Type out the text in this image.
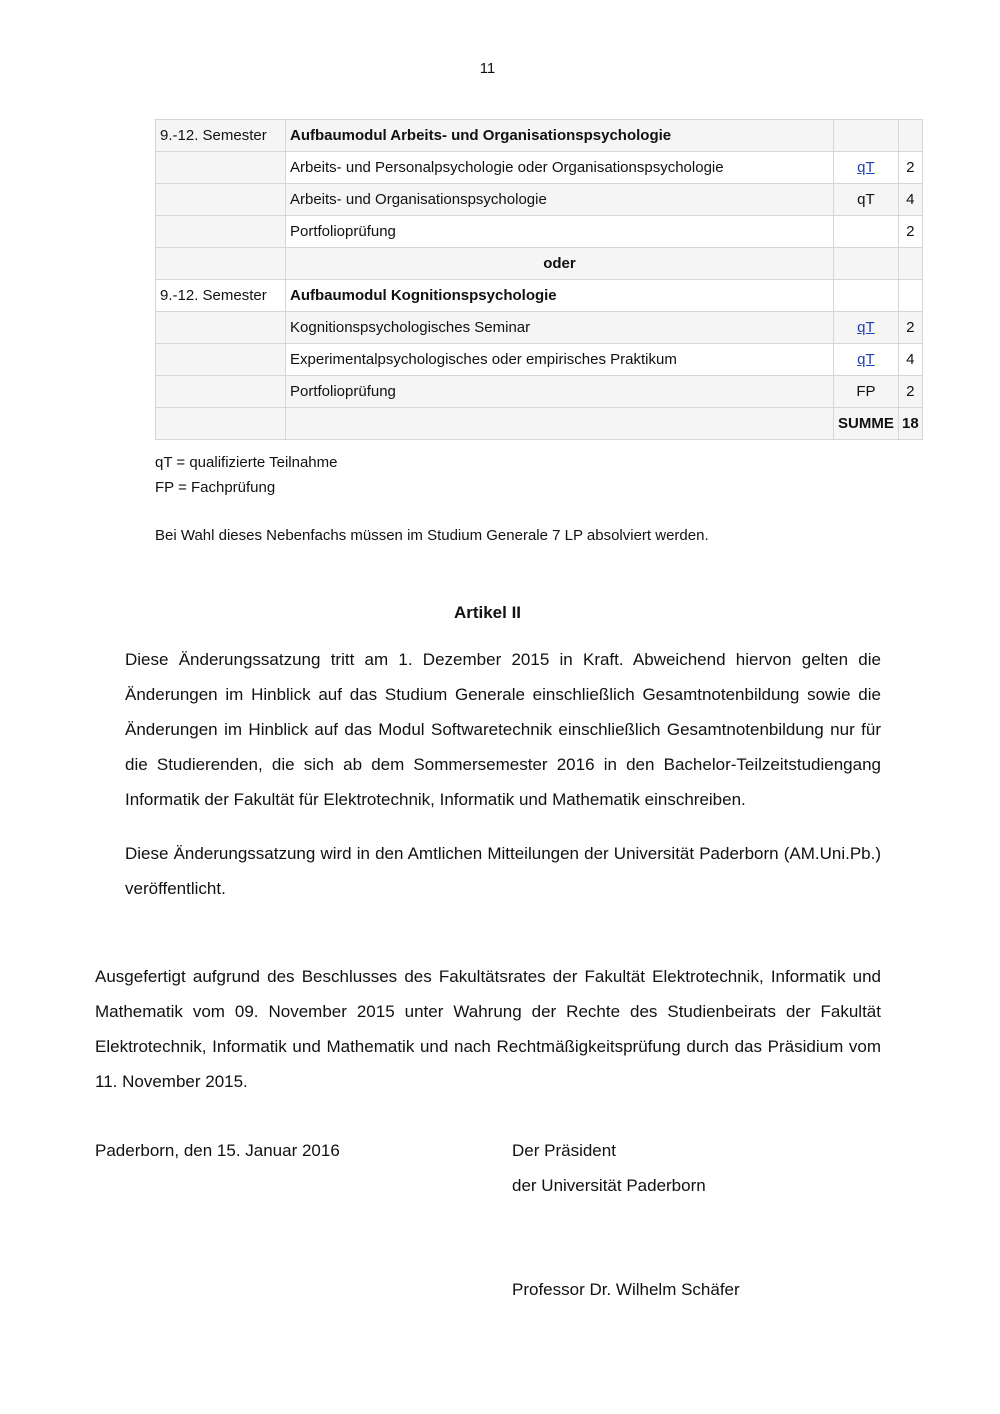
11
9.-12. Semester	Aufbaumodul Arbeits- und Organisationspsychologie		
	Arbeits- und Personalpsychologie oder Organisationspsychologie	qT	2
	Arbeits- und Organisationspsychologie	qT	4
	Portfolioprüfung		2
	oder		
9.-12. Semester	Aufbaumodul Kognitionspsychologie		
	Kognitionspsychologisches Seminar	qT	2
	Experimentalpsychologisches oder empirisches Praktikum	qT	4
	Portfolioprüfung	FP	2
		SUMME	18
qT = qualifizierte Teilnahme
FP = Fachprüfung
Bei Wahl dieses Nebenfachs müssen im Studium Generale 7 LP absolviert werden.
Artikel II
Diese Änderungssatzung tritt am 1. Dezember 2015 in Kraft. Abweichend hiervon gelten die Änderungen im Hinblick auf das Studium Generale einschließlich Gesamtnotenbildung sowie die Änderungen im Hinblick auf das Modul Softwaretechnik einschließlich Gesamtnotenbildung nur für die Studierenden, die sich ab dem Sommersemester 2016 in den Bachelor-Teilzeitstudiengang Informatik der Fakultät für Elektrotechnik, Informatik und Mathematik einschreiben.
Diese Änderungssatzung wird in den Amtlichen Mitteilungen der Universität Paderborn (AM.Uni.Pb.) veröffentlicht.
Ausgefertigt aufgrund des Beschlusses des Fakultätsrates der Fakultät Elektrotechnik, Informatik und Mathematik vom 09. November 2015 unter Wahrung der Rechte des Studienbeirats der Fakultät Elektrotechnik, Informatik und Mathematik und nach Rechtmäßigkeitsprüfung durch das Präsidium vom 11. November 2015.
Paderborn, den 15. Januar 2016	Der Präsident
der Universität Paderborn
Professor Dr. Wilhelm Schäfer
